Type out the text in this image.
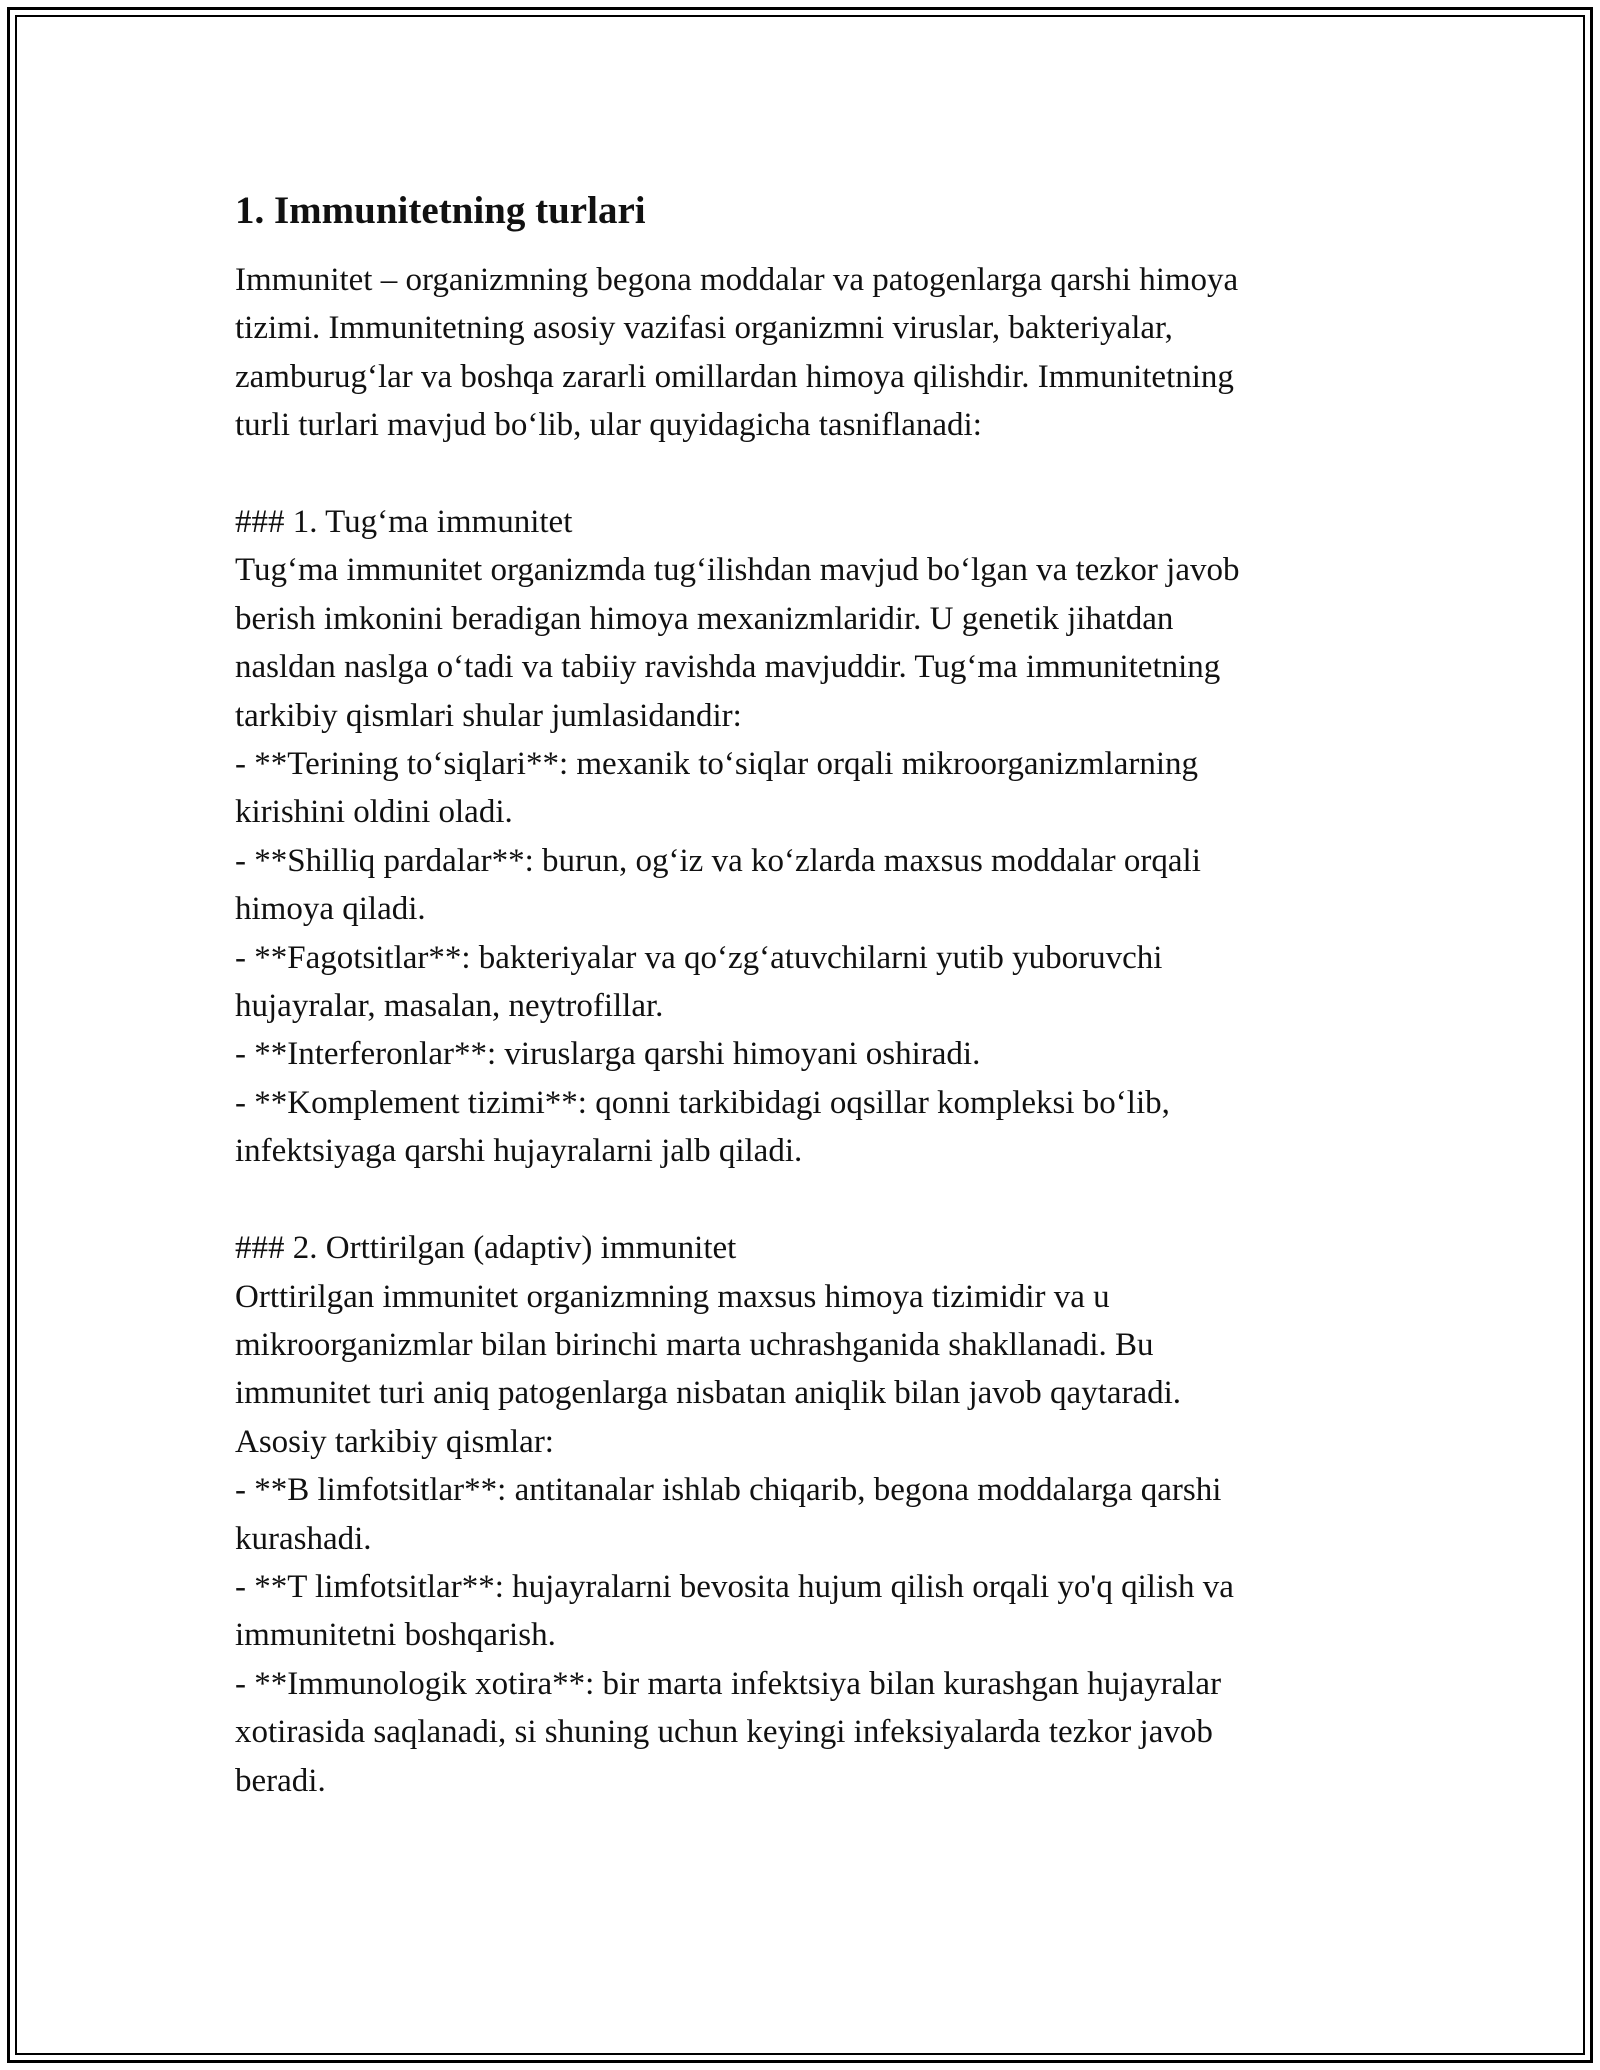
1. Immunitetning turlari

Immunitet – organizmning begona moddalar va patogenlarga qarshi himoya
tizimi. Immunitetning asosiy vazifasi organizmni viruslar, bakteriyalar,
zamburug‘lar va boshqa zararli omillardan himoya qilishdir. Immunitetning
turli turlari mavjud bo‘lib, ular quyidagicha tasniflanadi:

### 1. Tug‘ma immunitet
Tug‘ma immunitet organizmda tug‘ilishdan mavjud bo‘lgan va tezkor javob
berish imkonini beradigan himoya mexanizmlaridir. U genetik jihatdan
nasldan naslga o‘tadi va tabiiy ravishda mavjuddir. Tug‘ma immunitetning
tarkibiy qismlari shular jumlasidandir:
- **Terining to‘siqlari**: mexanik to‘siqlar orqali mikroorganizmlarning
kirishini oldini oladi.
- **Shilliq pardalar**: burun, og‘iz va ko‘zlarda maxsus moddalar orqali
himoya qiladi.
- **Fagotsitlar**: bakteriyalar va qo‘zg‘atuvchilarni yutib yuboruvchi
hujayralar, masalan, neytrofillar.
- **Interferonlar**: viruslarga qarshi himoyani oshiradi.
- **Komplement tizimi**: qonni tarkibidagi oqsillar kompleksi bo‘lib,
infektsiyaga qarshi hujayralarni jalb qiladi.

### 2. Orttirilgan (adaptiv) immunitet
Orttirilgan immunitet organizmning maxsus himoya tizimidir va u
mikroorganizmlar bilan birinchi marta uchrashganida shakllanadi. Bu
immunitet turi aniq patogenlarga nisbatan aniqlik bilan javob qaytaradi.
Asosiy tarkibiy qismlar:
- **B limfotsitlar**: antitanalar ishlab chiqarib, begona moddalarga qarshi
kurashadi.
- **T limfotsitlar**: hujayralarni bevosita hujum qilish orqali yo'q qilish va
immunitetni boshqarish.
- **Immunologik xotira**: bir marta infektsiya bilan kurashgan hujayralar
xotirasida saqlanadi, si shuning uchun keyingi infeksiyalarda tezkor javob
beradi.
